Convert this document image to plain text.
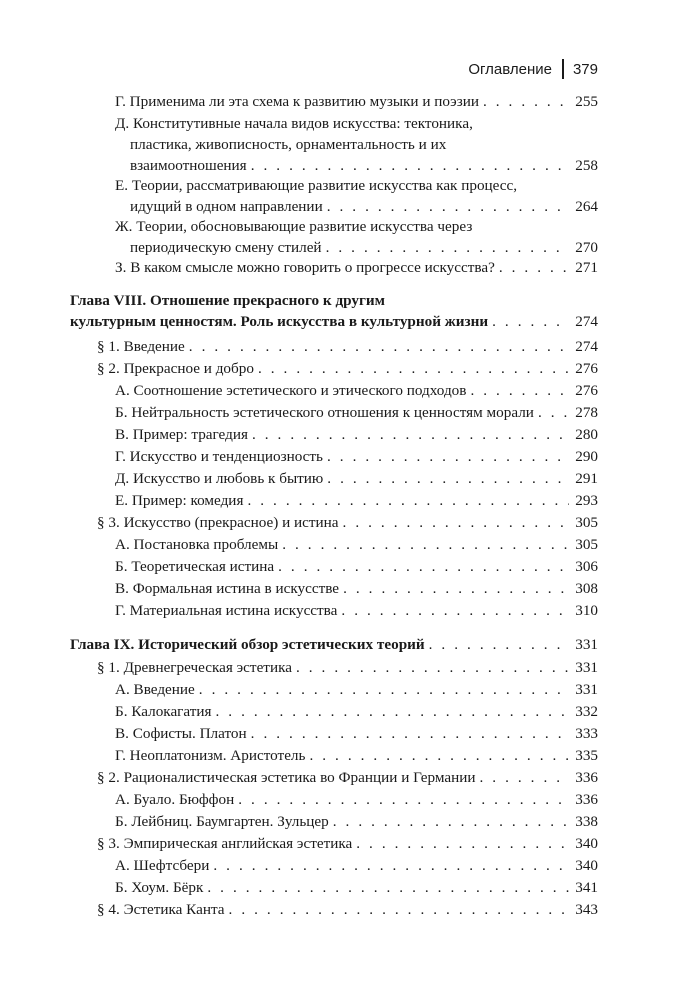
Оглавление 379
Г. Применима ли эта схема к развитию музыки и поэзии . . .	255
Д. Конститутивные начала видов искусства: тектоника,
пластика, живописность, орнаментальность и их
взаимоотношения . . .	258
Е. Теории, рассматривающие развитие искусства как процесс,
идущий в одном направлении . . .	264
Ж. Теории, обосновывающие развитие искусства через
периодическую смену стилей . . .	270
З. В каком смысле можно говорить о прогрессе искусства? . . .	271
Глава VIII. Отношение прекрасного к другим
культурным ценностям. Роль искусства в культурной жизни . . .	274
§ 1. Введение . . .	274
§ 2. Прекрасное и добро . . .	276
А. Соотношение эстетического и этического подходов . . .	276
Б. Нейтральность эстетического отношения к ценностям морали . . .	278
В. Пример: трагедия . . .	280
Г. Искусство и тенденциозность . . .	290
Д. Искусство и любовь к бытию . . .	291
Е. Пример: комедия . . .	293
§ 3. Искусство (прекрасное) и истина . . .	305
А. Постановка проблемы . . .	305
Б. Теоретическая истина . . .	306
В. Формальная истина в искусстве . . .	308
Г. Материальная истина искусства . . .	310
Глава IX. Исторический обзор эстетических теорий . . .	331
§ 1. Древнегреческая эстетика . . .	331
А. Введение . . .	331
Б. Калокагатия . . .	332
В. Софисты. Платон . . .	333
Г. Неоплатонизм. Аристотель . . .	335
§ 2. Рационалистическая эстетика во Франции и Германии . . .	336
А. Буало. Бюффон . . .	336
Б. Лейбниц. Баумгартен. Зульцер . . .	338
§ 3. Эмпирическая английская эстетика . . .	340
А. Шефтсбери . . .	340
Б. Хоум. Бёрк . . .	341
§ 4. Эстетика Канта . . .	343
